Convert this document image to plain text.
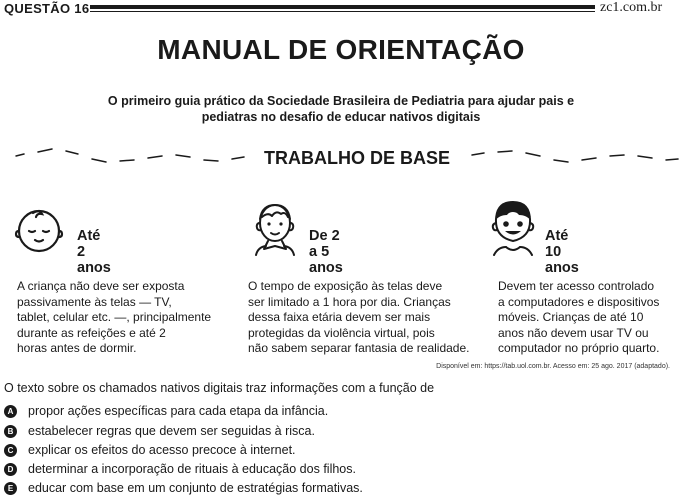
QUESTÃO 16	zc1.com.br
MANUAL DE ORIENTAÇÃO
O primeiro guia prático da Sociedade Brasileira de Pediatria para ajudar pais e pediatras no desafio de educar nativos digitais
TRABALHO DE BASE
Até 2 anos
A criança não deve ser exposta
passivamente às telas — TV,
tablet, celular etc. —, principalmente
durante as refeições e até 2
horas antes de dormir.
De 2 a 5 anos
O tempo de exposição às telas deve
ser limitado a 1 hora por dia. Crianças
dessa faixa etária devem ser mais
protegidas da violência virtual, pois
não sabem separar fantasia de realidade.
Até 10 anos
Devem ter acesso controlado
a computadores e dispositivos
móveis. Crianças de até 10
anos não devem usar TV ou
computador no próprio quarto.
Disponível em: https://tab.uol.com.br. Acesso em: 25 ago. 2017 (adaptado).
O texto sobre os chamados nativos digitais traz informações com a função de
A propor ações específicas para cada etapa da infância.
B estabelecer regras que devem ser seguidas à risca.
C explicar os efeitos do acesso precoce à internet.
D determinar a incorporação de rituais à educação dos filhos.
E	educar com base em um conjunto de estratégias formativas.
